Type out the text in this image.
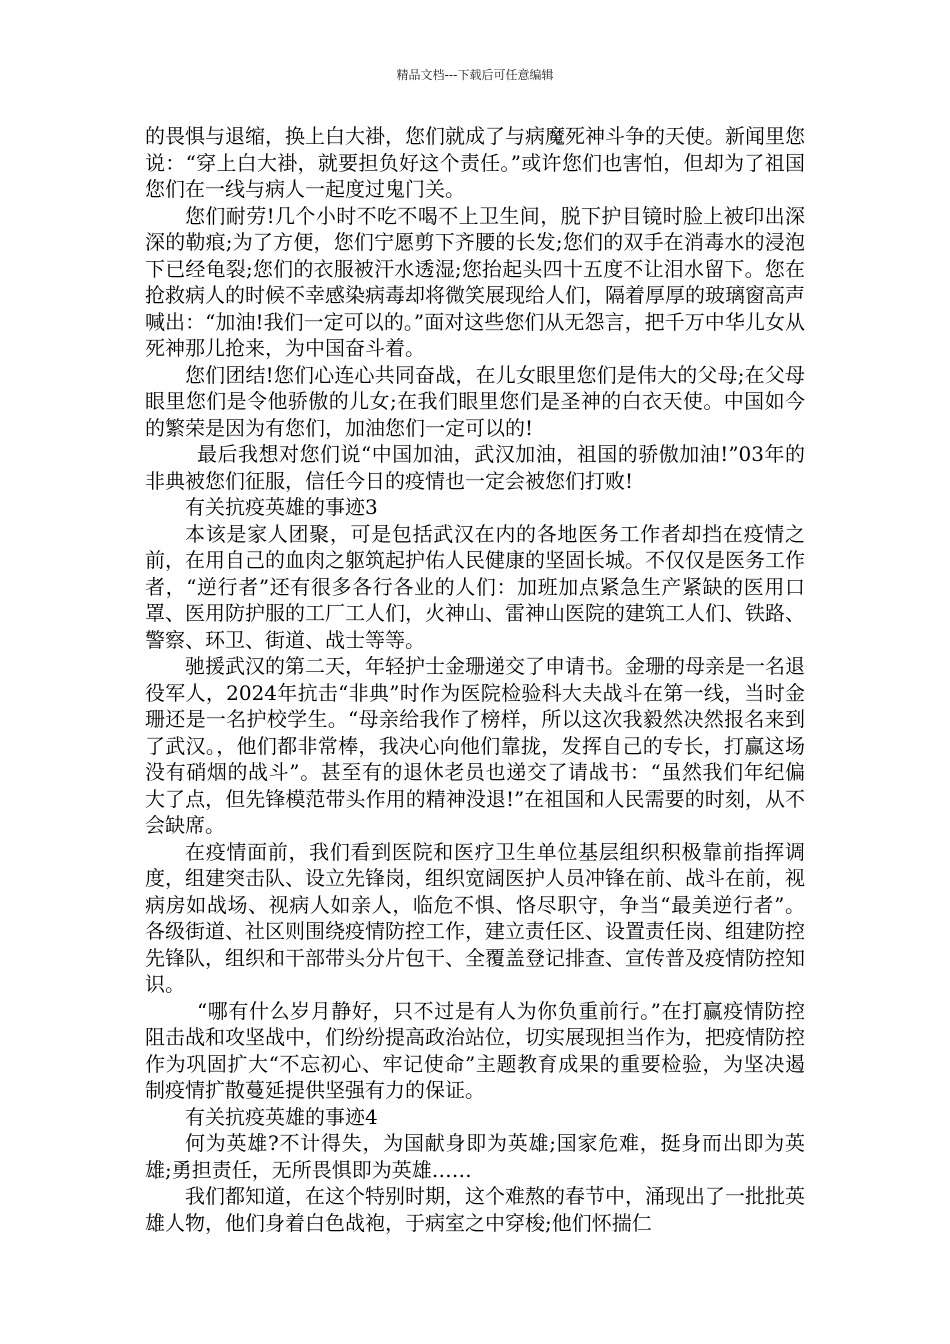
精品文档---下载后可任意编辑

的畏惧与退缩，换上白大褂，您们就成了与病魔死神斗争的天使。新闻里您说：“穿上白大褂，就要担负好这个责任。”或许您们也害怕，但却为了祖国您们在一线与病人一起度过鬼门关。

您们耐劳!几个小时不吃不喝不上卫生间，脱下护目镜时脸上被印出深深的勒痕;为了方便，您们宁愿剪下齐腰的长发;您们的双手在消毒水的浸泡下已经龟裂;您们的衣服被汗水透湿;您抬起头四十五度不让泪水留下。您在抢救病人的时候不幸感染病毒却将微笑展现给人们，隔着厚厚的玻璃窗高声喊出：“加油!我们一定可以的。”面对这些您们从无怨言，把千万中华儿女从死神那儿抢来，为中国奋斗着。

您们团结!您们心连心共同奋战，在儿女眼里您们是伟大的父母;在父母眼里您们是令他骄傲的儿女;在我们眼里您们是圣神的白衣天使。中国如今的繁荣是因为有您们，加油您们一定可以的!

最后我想对您们说“中国加油，武汉加油，祖国的骄傲加油!”03年的非典被您们征服，信任今日的疫情也一定会被您们打败!

有关抗疫英雄的事迹3

本该是家人团聚，可是包括武汉在内的各地医务工作者却挡在疫情之前，在用自己的血肉之躯筑起护佑人民健康的坚固长城。不仅仅是医务工作者，“逆行者”还有很多各行各业的人们：加班加点紧急生产紧缺的医用口罩、医用防护服的工厂工人们，火神山、雷神山医院的建筑工人们、铁路、警察、环卫、街道、战士等等。

驰援武汉的第二天，年轻护士金珊递交了申请书。金珊的母亲是一名退役军人，2024年抗击“非典”时作为医院检验科大夫战斗在第一线，当时金珊还是一名护校学生。“母亲给我作了榜样，所以这次我毅然决然报名来到了武汉。，他们都非常棒，我决心向他们靠拢，发挥自己的专长，打赢这场没有硝烟的战斗”。甚至有的退休老员也递交了请战书：“虽然我们年纪偏大了点，但先锋模范带头作用的精神没退!”在祖国和人民需要的时刻，从不会缺席。

在疫情面前，我们看到医院和医疗卫生单位基层组织积极靠前指挥调度，组建突击队、设立先锋岗，组织宽阔医护人员冲锋在前、战斗在前，视病房如战场、视病人如亲人，临危不惧、恪尽职守，争当“最美逆行者”。各级街道、社区则围绕疫情防控工作，建立责任区、设置责任岗、组建防控先锋队，组织和干部带头分片包干、全覆盖登记排查、宣传普及疫情防控知识。

“哪有什么岁月静好，只不过是有人为你负重前行。”在打赢疫情防控阻击战和攻坚战中，们纷纷提高政治站位，切实展现担当作为，把疫情防控作为巩固扩大“不忘初心、牢记使命”主题教育成果的重要检验，为坚决遏制疫情扩散蔓延提供坚强有力的保证。

有关抗疫英雄的事迹4

何为英雄?不计得失，为国献身即为英雄;国家危难，挺身而出即为英雄;勇担责任，无所畏惧即为英雄……

我们都知道，在这个特别时期，这个难熬的春节中，涌现出了一批批英雄人物，他们身着白色战袍，于病室之中穿梭;他们怀揣仁
